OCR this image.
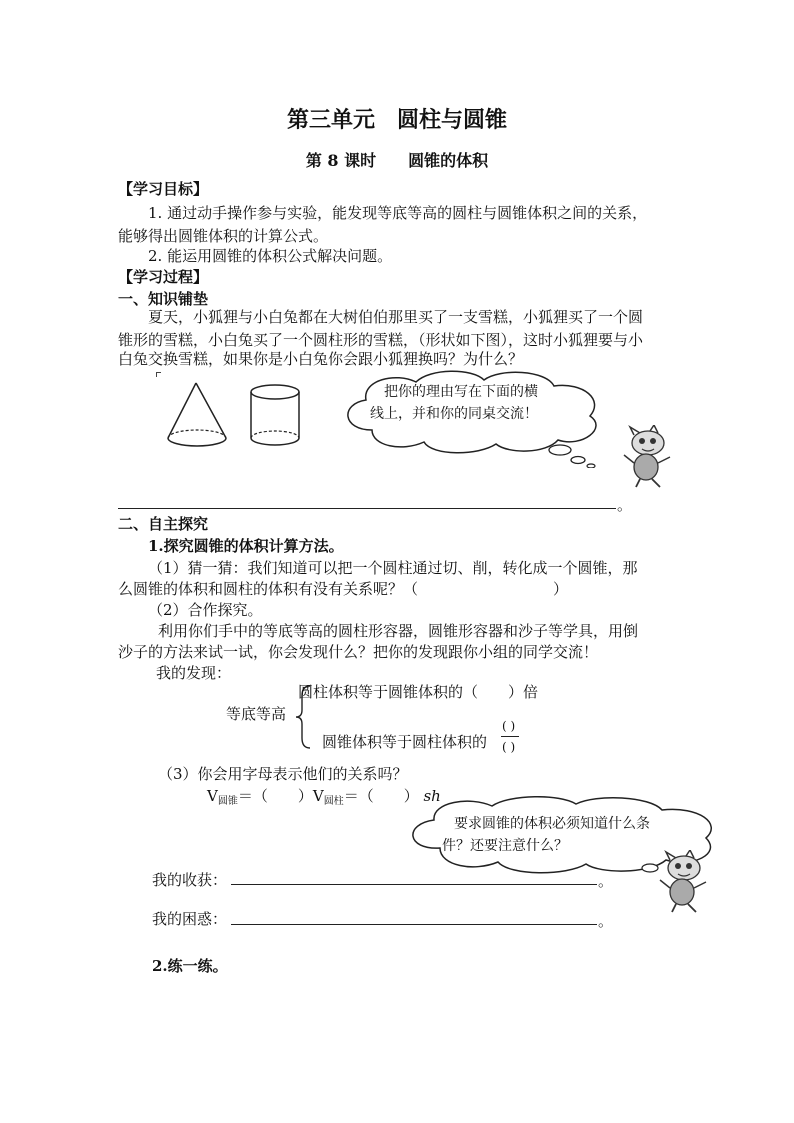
第三单元　圆柱与圆锥
第 8 课时　　圆锥的体积
【学习目标】
1. 通过动手操作参与实验，能发现等底等高的圆柱与圆锥体积之间的关系，
能够得出圆锥体积的计算公式。
2. 能运用圆锥的体积公式解决问题。
【学习过程】
一、知识铺垫
夏天，小狐狸与小白兔都在大树伯伯那里买了一支雪糕，小狐狸买了一个圆
锥形的雪糕，小白兔买了一个圆柱形的雪糕，（形状如下图），这时小狐狸要与小
白兔交换雪糕，如果你是小白兔你会跟小狐狸换吗？为什么？
把你的理由写在下面的横
线上，并和你的同桌交流！
。
二、自主探究
1.探究圆锥的体积计算方法。
（1）猜一猜：我们知道可以把一个圆柱通过切、削，转化成一个圆锥，那
么圆锥的体积和圆柱的体积有没有关系呢？（　　　　　　　　　）
（2）合作探究。
利用你们手中的等底等高的圆柱形容器，圆锥形容器和沙子等学具，用倒
沙子的方法来试一试，你会发现什么？把你的发现跟你小组的同学交流！
我的发现：
等底等高
圆柱体积等于圆锥体积的（　　）倍
圆锥体积等于圆柱体积的
( )
( )
（3）你会用字母表示他们的关系吗？
$V_{圆锥}=$（　　）$V_{圆柱}=$（　　） sh
要求圆锥的体积必须知道什么条
件？还要注意什么？
我的收获：	。
我的困惑：	。
2.练一练。
